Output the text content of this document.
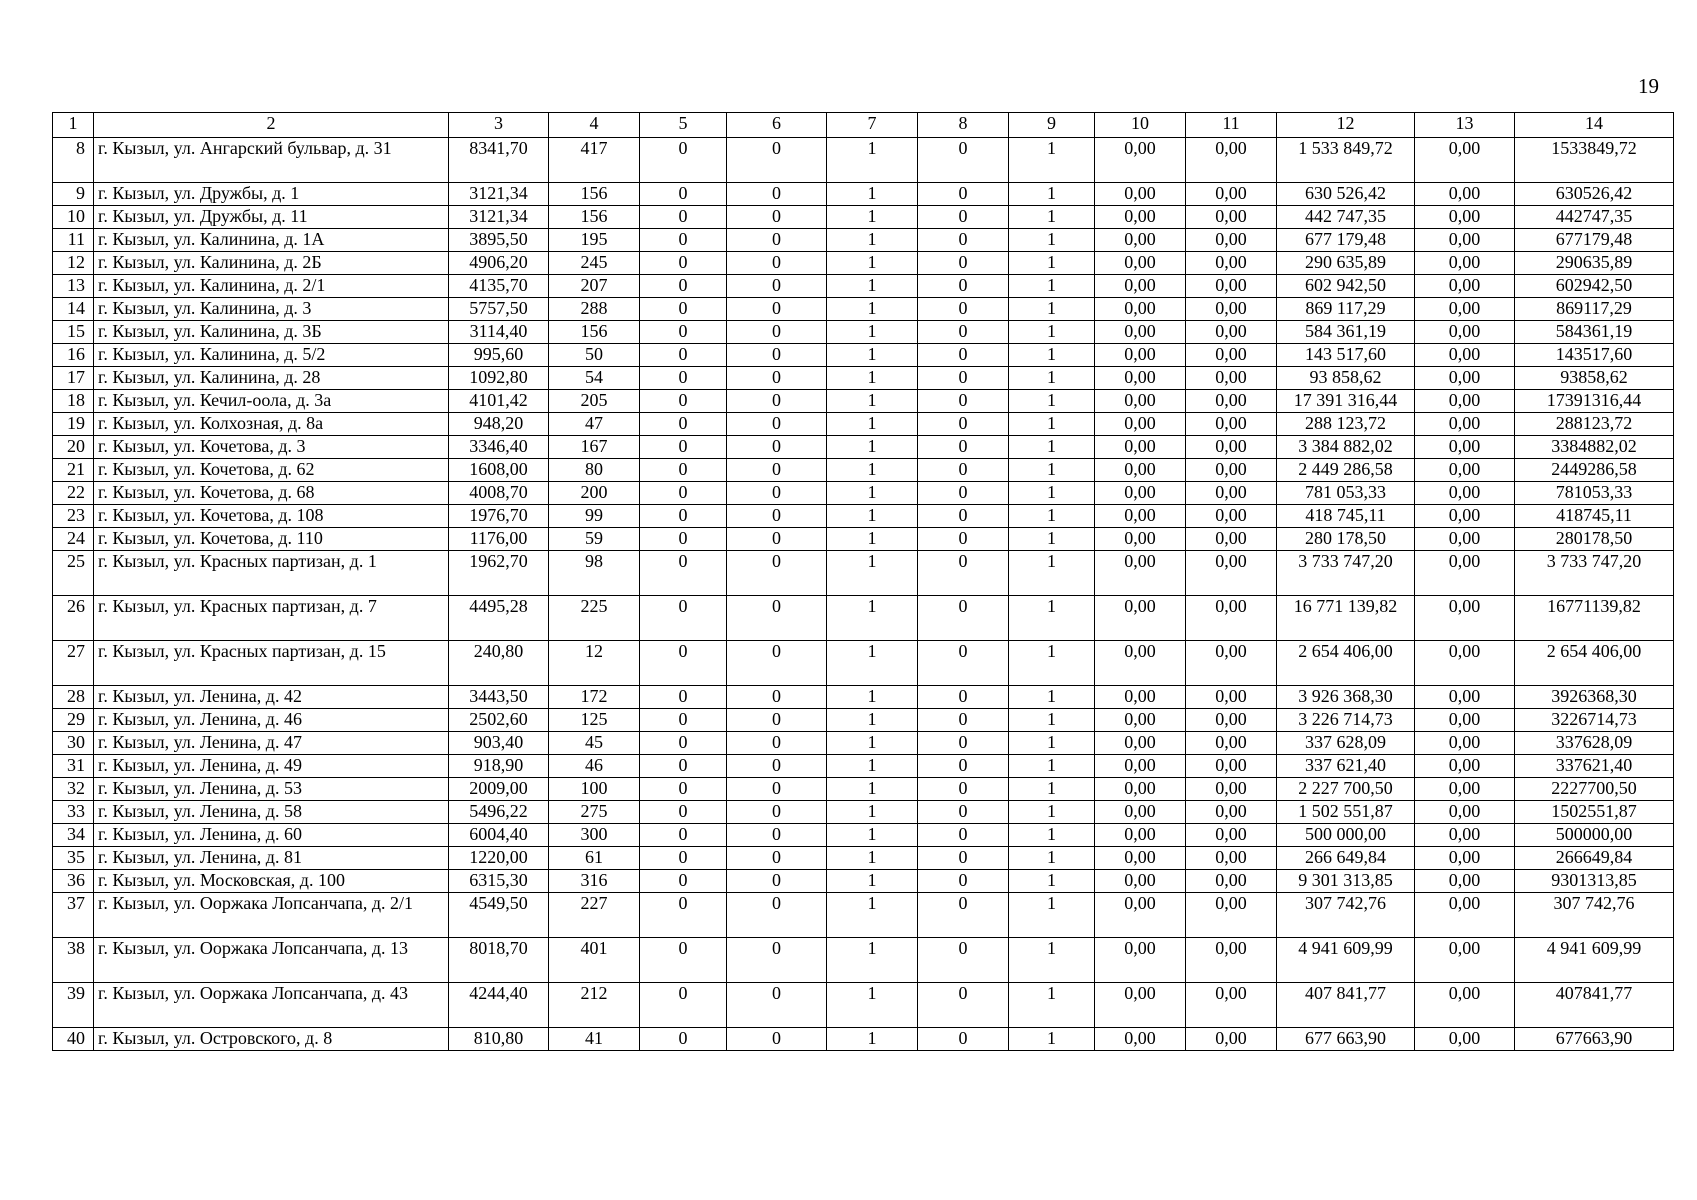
19
1	2	3	4	5	6	7	8	9	10	11	12	13	14
8	г. Кызыл, ул. Ангарский бульвар, д. 31	8341,70	417	0	0	1	0	1	0,00	0,00	1 533 849,72	0,00	1533849,72
9	г. Кызыл, ул. Дружбы, д. 1	3121,34	156	0	0	1	0	1	0,00	0,00	630 526,42	0,00	630526,42
10	г. Кызыл, ул. Дружбы, д. 11	3121,34	156	0	0	1	0	1	0,00	0,00	442 747,35	0,00	442747,35
11	г. Кызыл, ул. Калинина, д. 1А	3895,50	195	0	0	1	0	1	0,00	0,00	677 179,48	0,00	677179,48
12	г. Кызыл, ул. Калинина, д. 2Б	4906,20	245	0	0	1	0	1	0,00	0,00	290 635,89	0,00	290635,89
13	г. Кызыл, ул. Калинина, д. 2/1	4135,70	207	0	0	1	0	1	0,00	0,00	602 942,50	0,00	602942,50
14	г. Кызыл, ул. Калинина, д. 3	5757,50	288	0	0	1	0	1	0,00	0,00	869 117,29	0,00	869117,29
15	г. Кызыл, ул. Калинина, д. 3Б	3114,40	156	0	0	1	0	1	0,00	0,00	584 361,19	0,00	584361,19
16	г. Кызыл, ул. Калинина, д. 5/2	995,60	50	0	0	1	0	1	0,00	0,00	143 517,60	0,00	143517,60
17	г. Кызыл, ул. Калинина, д. 28	1092,80	54	0	0	1	0	1	0,00	0,00	93 858,62	0,00	93858,62
18	г. Кызыл, ул. Кечил-оола, д. 3а	4101,42	205	0	0	1	0	1	0,00	0,00	17 391 316,44	0,00	17391316,44
19	г. Кызыл, ул. Колхозная, д. 8а	948,20	47	0	0	1	0	1	0,00	0,00	288 123,72	0,00	288123,72
20	г. Кызыл, ул. Кочетова, д. 3	3346,40	167	0	0	1	0	1	0,00	0,00	3 384 882,02	0,00	3384882,02
21	г. Кызыл, ул. Кочетова, д. 62	1608,00	80	0	0	1	0	1	0,00	0,00	2 449 286,58	0,00	2449286,58
22	г. Кызыл, ул. Кочетова, д. 68	4008,70	200	0	0	1	0	1	0,00	0,00	781 053,33	0,00	781053,33
23	г. Кызыл, ул. Кочетова, д. 108	1976,70	99	0	0	1	0	1	0,00	0,00	418 745,11	0,00	418745,11
24	г. Кызыл, ул. Кочетова, д. 110	1176,00	59	0	0	1	0	1	0,00	0,00	280 178,50	0,00	280178,50
25	г. Кызыл, ул. Красных партизан, д. 1	1962,70	98	0	0	1	0	1	0,00	0,00	3 733 747,20	0,00	3 733 747,20
26	г. Кызыл, ул. Красных партизан, д. 7	4495,28	225	0	0	1	0	1	0,00	0,00	16 771 139,82	0,00	16771139,82
27	г. Кызыл, ул. Красных партизан, д. 15	240,80	12	0	0	1	0	1	0,00	0,00	2 654 406,00	0,00	2 654 406,00
28	г. Кызыл, ул. Ленина, д. 42	3443,50	172	0	0	1	0	1	0,00	0,00	3 926 368,30	0,00	3926368,30
29	г. Кызыл, ул. Ленина, д. 46	2502,60	125	0	0	1	0	1	0,00	0,00	3 226 714,73	0,00	3226714,73
30	г. Кызыл, ул. Ленина, д. 47	903,40	45	0	0	1	0	1	0,00	0,00	337 628,09	0,00	337628,09
31	г. Кызыл, ул. Ленина, д. 49	918,90	46	0	0	1	0	1	0,00	0,00	337 621,40	0,00	337621,40
32	г. Кызыл, ул. Ленина, д. 53	2009,00	100	0	0	1	0	1	0,00	0,00	2 227 700,50	0,00	2227700,50
33	г. Кызыл, ул. Ленина, д. 58	5496,22	275	0	0	1	0	1	0,00	0,00	1 502 551,87	0,00	1502551,87
34	г. Кызыл, ул. Ленина, д. 60	6004,40	300	0	0	1	0	1	0,00	0,00	500 000,00	0,00	500000,00
35	г. Кызыл, ул. Ленина, д. 81	1220,00	61	0	0	1	0	1	0,00	0,00	266 649,84	0,00	266649,84
36	г. Кызыл, ул. Московская, д. 100	6315,30	316	0	0	1	0	1	0,00	0,00	9 301 313,85	0,00	9301313,85
37	г. Кызыл, ул. Ооржака Лопсанчапа, д. 2/1	4549,50	227	0	0	1	0	1	0,00	0,00	307 742,76	0,00	307 742,76
38	г. Кызыл, ул. Ооржака Лопсанчапа, д. 13	8018,70	401	0	0	1	0	1	0,00	0,00	4 941 609,99	0,00	4 941 609,99
39	г. Кызыл, ул. Ооржака Лопсанчапа, д. 43	4244,40	212	0	0	1	0	1	0,00	0,00	407 841,77	0,00	407841,77
40	г. Кызыл, ул. Островского, д. 8	810,80	41	0	0	1	0	1	0,00	0,00	677 663,90	0,00	677663,90
